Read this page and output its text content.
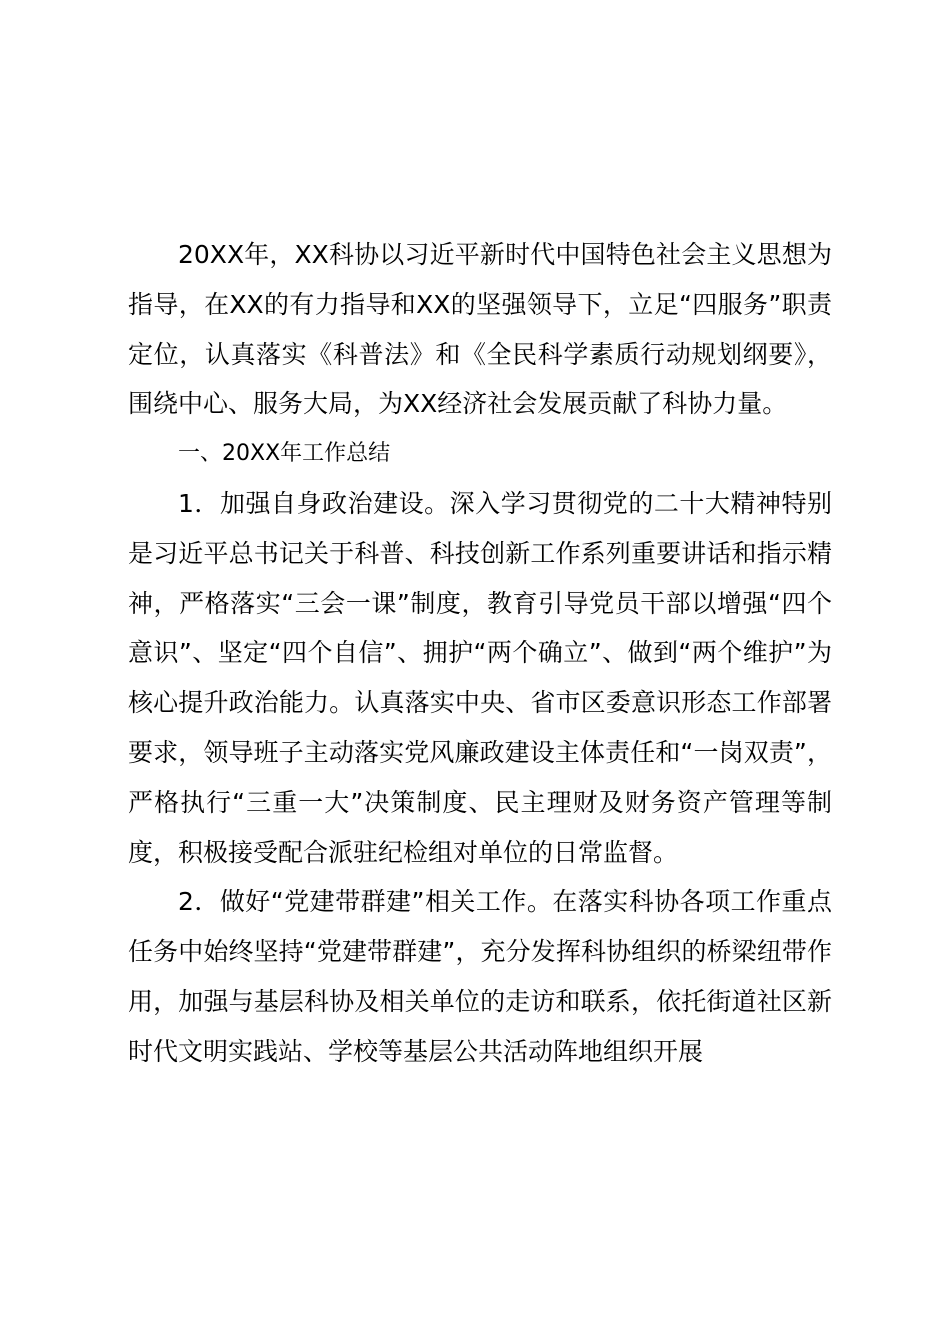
20XX年，XX科协以习近平新时代中国特色社会主义思想为指导，在XX的有力指导和XX的坚强领导下，立足“四服务”职责定位，认真落实《科普法》和《全民科学素质行动规划纲要》，围绕中心、服务大局，为XX经济社会发展贡献了科协力量。

一、20XX年工作总结

1．加强自身政治建设。深入学习贯彻党的二十大精神特别是习近平总书记关于科普、科技创新工作系列重要讲话和指示精神，严格落实“三会一课”制度，教育引导党员干部以增强“四个意识”、坚定“四个自信”、拥护“两个确立”、做到“两个维护”为核心提升政治能力。认真落实中央、省市区委意识形态工作部署要求，领导班子主动落实党风廉政建设主体责任和“一岗双责”，严格执行“三重一大”决策制度、民主理财及财务资产管理等制度，积极接受配合派驻纪检组对单位的日常监督。

2．做好“党建带群建”相关工作。在落实科协各项工作重点任务中始终坚持“党建带群建”，充分发挥科协组织的桥梁纽带作用，加强与基层科协及相关单位的走访和联系，依托街道社区新时代文明实践站、学校等基层公共活动阵地组织开展
